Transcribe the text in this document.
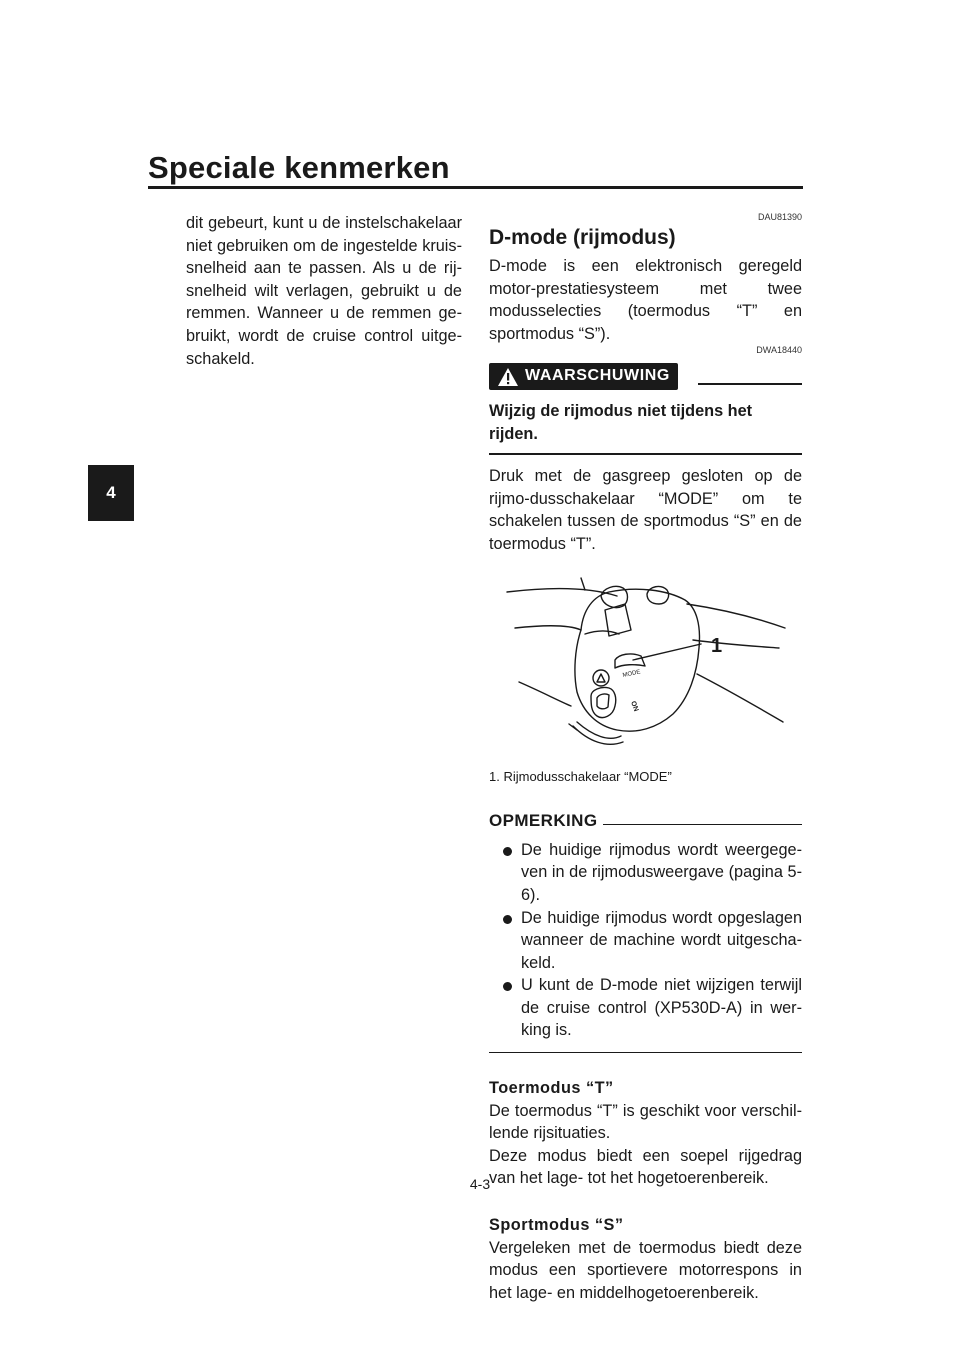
Speciale kenmerken
4
dit gebeurt, kunt u de instelschakelaar niet gebruiken om de ingestelde kruis-snelheid aan te passen. Als u de rij-snelheid wilt verlagen, gebruikt u de remmen. Wanneer u de remmen ge-bruikt, wordt de cruise control uitge-schakeld.
DAU81390
D-mode (rijmodus)

D-mode is een elektronisch geregeld motor-prestatiesysteem met twee modusselecties (toermodus “T” en sportmodus “S”).

DWA18440
WAARSCHUWING
Wijzig de rijmodus niet tijdens het rijden.

Druk met de gasgreep gesloten op de rijmo-dusschakelaar “MODE” om te schakelen tussen de sportmodus “S” en de toermodus “T”.

MODE
ON
1
1. Rijmodusschakelaar “MODE”
OPMERKING
De huidige rijmodus wordt weergege-ven in de rijmodusweergave (pagina 5-6).
De huidige rijmodus wordt opgeslagen wanneer de machine wordt uitgescha-keld.
U kunt de D-mode niet wijzigen terwijl de cruise control (XP530D-A) in wer-king is.
Toermodus “T”

De toermodus “T” is geschikt voor verschil-lende rijsituaties.

Deze modus biedt een soepel rijgedrag van het lage- tot het hogetoerenbereik.

Sportmodus “S”

Vergeleken met de toermodus biedt deze modus een sportievere motorrespons in het lage- en middelhogetoerenbereik.

4-3
